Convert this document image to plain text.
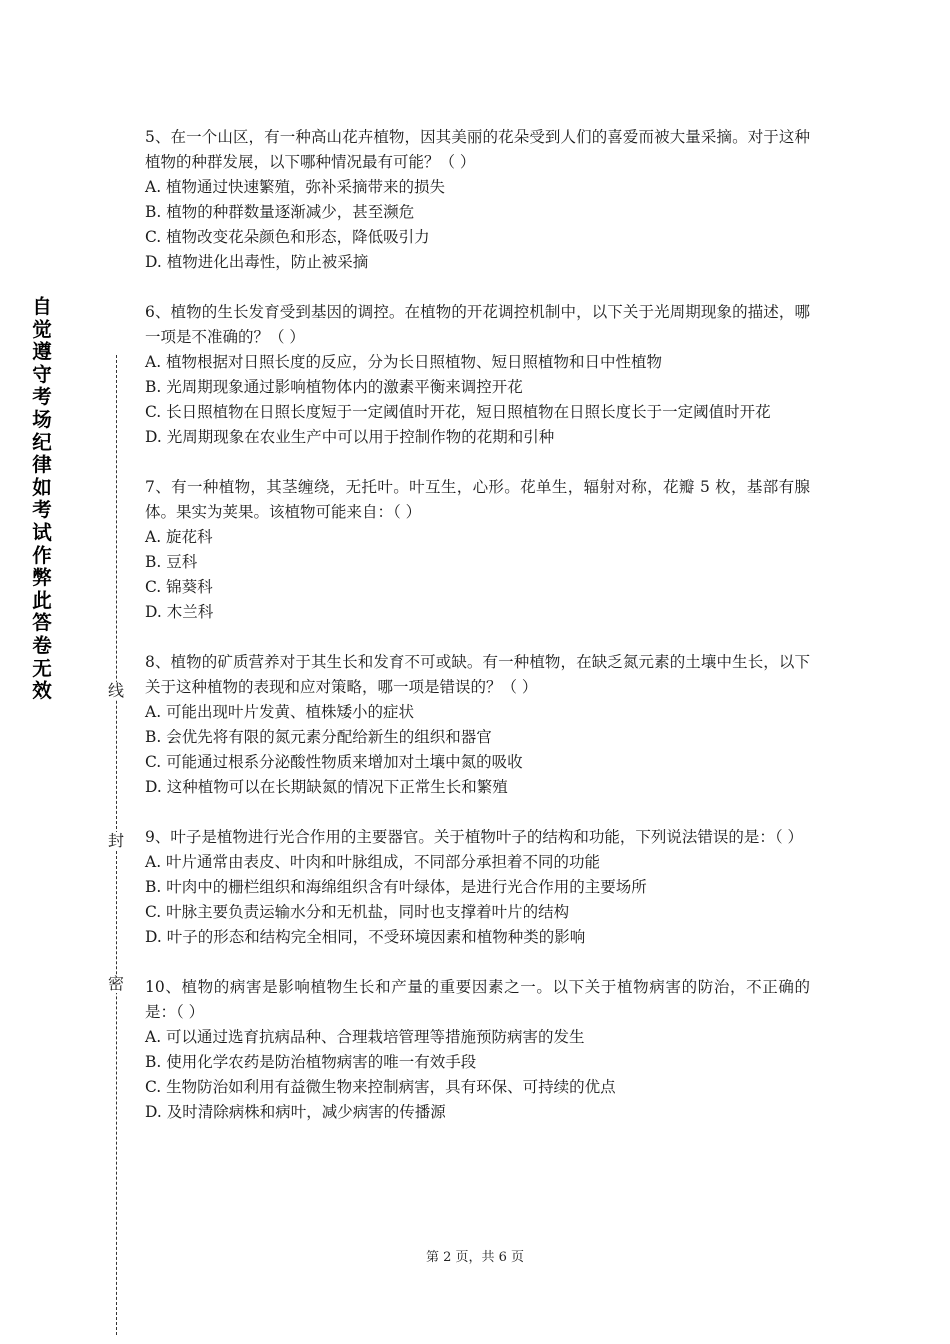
自
觉
遵
守
考
场
纪
律
如
考
试
作
弊
此
答
卷
无
效	线
封
密
5、在一个山区，有一种高山花卉植物，因其美丽的花朵受到人们的喜爱而被大量采摘。对于这种植物的种群发展，以下哪种情况最有可能？（ ）
A. 植物通过快速繁殖，弥补采摘带来的损失
B. 植物的种群数量逐渐减少，甚至濒危
C. 植物改变花朵颜色和形态，降低吸引力
D. 植物进化出毒性，防止被采摘
6、植物的生长发育受到基因的调控。在植物的开花调控机制中，以下关于光周期现象的描述，哪一项是不准确的？（ ）
A. 植物根据对日照长度的反应，分为长日照植物、短日照植物和日中性植物
B. 光周期现象通过影响植物体内的激素平衡来调控开花
C. 长日照植物在日照长度短于一定阈值时开花，短日照植物在日照长度长于一定阈值时开花
D. 光周期现象在农业生产中可以用于控制作物的花期和引种
7、有一种植物，其茎缠绕，无托叶。叶互生，心形。花单生，辐射对称，花瓣 5 枚，基部有腺体。果实为荚果。该植物可能来自：（ ）
A. 旋花科
B. 豆科
C. 锦葵科
D. 木兰科
8、植物的矿质营养对于其生长和发育不可或缺。有一种植物，在缺乏氮元素的土壤中生长，以下关于这种植物的表现和应对策略，哪一项是错误的？（ ）
A. 可能出现叶片发黄、植株矮小的症状
B. 会优先将有限的氮元素分配给新生的组织和器官
C. 可能通过根系分泌酸性物质来增加对土壤中氮的吸收
D. 这种植物可以在长期缺氮的情况下正常生长和繁殖
9、叶子是植物进行光合作用的主要器官。关于植物叶子的结构和功能，下列说法错误的是：（ ）
A. 叶片通常由表皮、叶肉和叶脉组成，不同部分承担着不同的功能
B. 叶肉中的栅栏组织和海绵组织含有叶绿体，是进行光合作用的主要场所
C. 叶脉主要负责运输水分和无机盐，同时也支撑着叶片的结构
D. 叶子的形态和结构完全相同，不受环境因素和植物种类的影响
10、植物的病害是影响植物生长和产量的重要因素之一。以下关于植物病害的防治，不正确的是：（ ）
A. 可以通过选育抗病品种、合理栽培管理等措施预防病害的发生
B. 使用化学农药是防治植物病害的唯一有效手段
C. 生物防治如利用有益微生物来控制病害，具有环保、可持续的优点
D. 及时清除病株和病叶，减少病害的传播源
第 2 页，共 6 页
